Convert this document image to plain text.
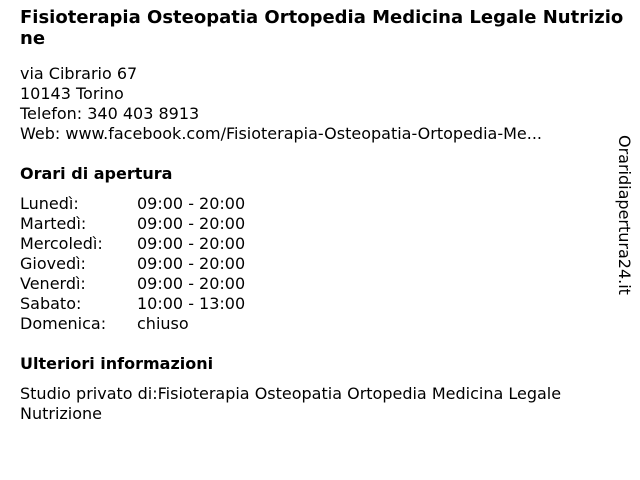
Fisioterapia Osteopatia Ortopedia Medicina Legale Nutrizione
via Cibrario 67
10143 Torino
Telefon: 340 403 8913
Web: www.facebook.com/Fisioterapia-Osteopatia-Ortopedia-Me...
Orari di apertura
Lunedì:	09:00 - 20:00
Martedì:	09:00 - 20:00
Mercoledì:	09:00 - 20:00
Giovedì:	09:00 - 20:00
Venerdì:	09:00 - 20:00
Sabato:	10:00 - 13:00
Domenica:	chiuso
Ulteriori informazioni
Studio privato di:Fisioterapia Osteopatia Ortopedia Medicina Legale Nutrizione
Oraridiapertura24.it
